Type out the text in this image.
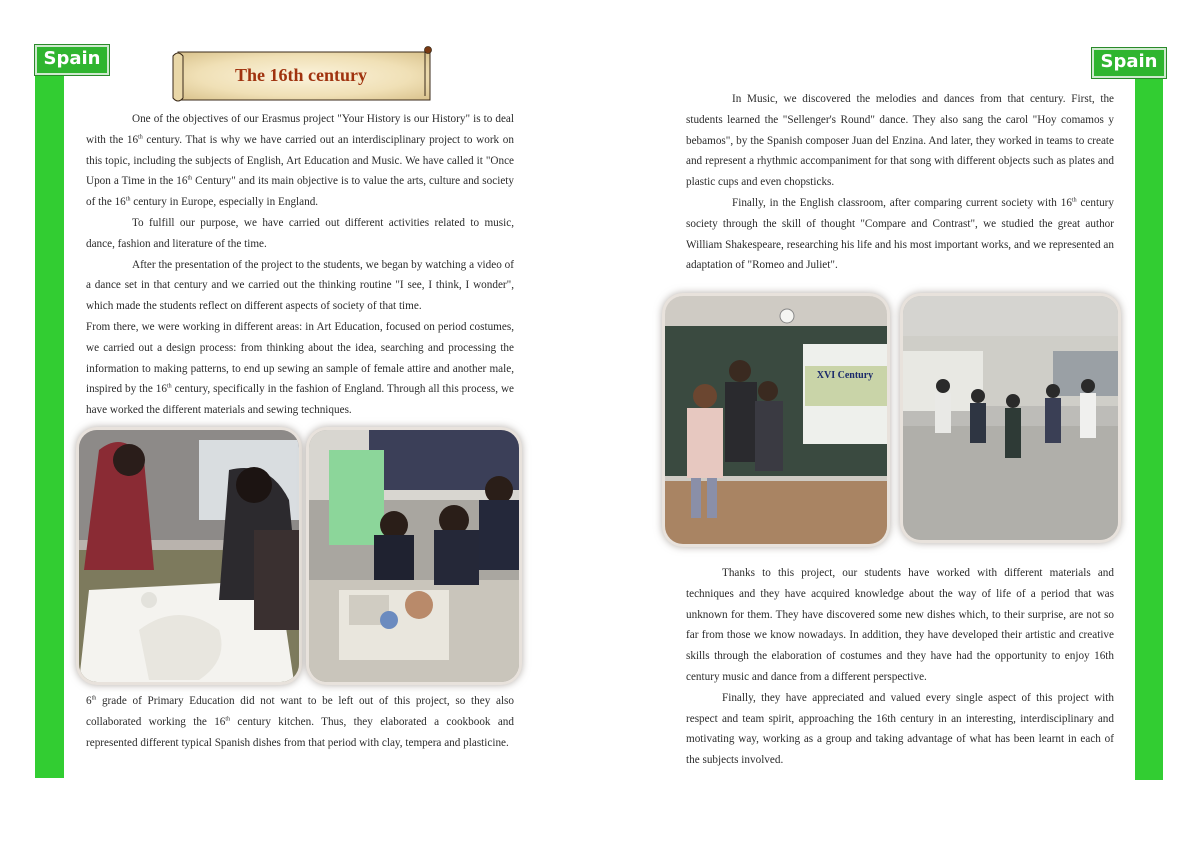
Spain	Spain
The 16th century

One of the objectives of our Erasmus project "Your History is our History" is to deal with the 16th century. That is why we have carried out an interdisciplinary project to work on this topic, including the subjects of English, Art Education and Music. We have called it "Once Upon a Time in the 16th Century" and its main objective is to value the arts, culture and society of the 16th century in Europe, especially in England.

To fulfill our purpose, we have carried out different activities related to music, dance, fashion and literature of the time.

After the presentation of the project to the students, we began by watching a video of a dance set in that century and we carried out the thinking routine "I see, I think, I wonder", which made the students reflect on different aspects of society of that time.

From there, we were working in different areas: in Art Education, focused on period costumes, we carried out a design process: from thinking about the idea, searching and processing the information to making patterns, to end up sewing an sample of female attire and another male, inspired by the 16th century, specifically in the fashion of England. Through all this process, we have worked the different materials and sewing techniques.

6th grade of Primary Education did not want to be left out of this project, so they also collaborated working the 16th century kitchen. Thus, they elaborated a cookbook and represented different typical Spanish dishes from that period with clay, tempera and plasticine.

In Music, we discovered the melodies and dances from that century. First, the students learned the "Sellenger's Round" dance. They also sang the carol "Hoy comamos y bebamos", by the Spanish composer Juan del Enzina. And later, they worked in teams to create and represent a rhythmic accompaniment for that song with different objects such as plates and plastic cups and even chopsticks.

Finally, in the English classroom, after comparing current society with 16th century society through the skill of thought "Compare and Contrast", we studied the great author William Shakespeare, researching his life and his most important works, and we represented an adaptation of "Romeo and Juliet".

XVI Century

Thanks to this project, our students have worked with different materials and techniques and they have acquired knowledge about the way of life of a period that was unknown for them. They have discovered some new dishes which, to their surprise, are not so far from those we know nowadays. In addition, they have developed their artistic and creative skills through the elaboration of costumes and they have had the opportunity to enjoy 16th century music and dance from a different perspective.

Finally, they have appreciated and valued every single aspect of this project with respect and team spirit, approaching the 16th century in an interesting, interdisciplinary and motivating way, working as a group and taking advantage of what has been learnt in each of the subjects involved.
